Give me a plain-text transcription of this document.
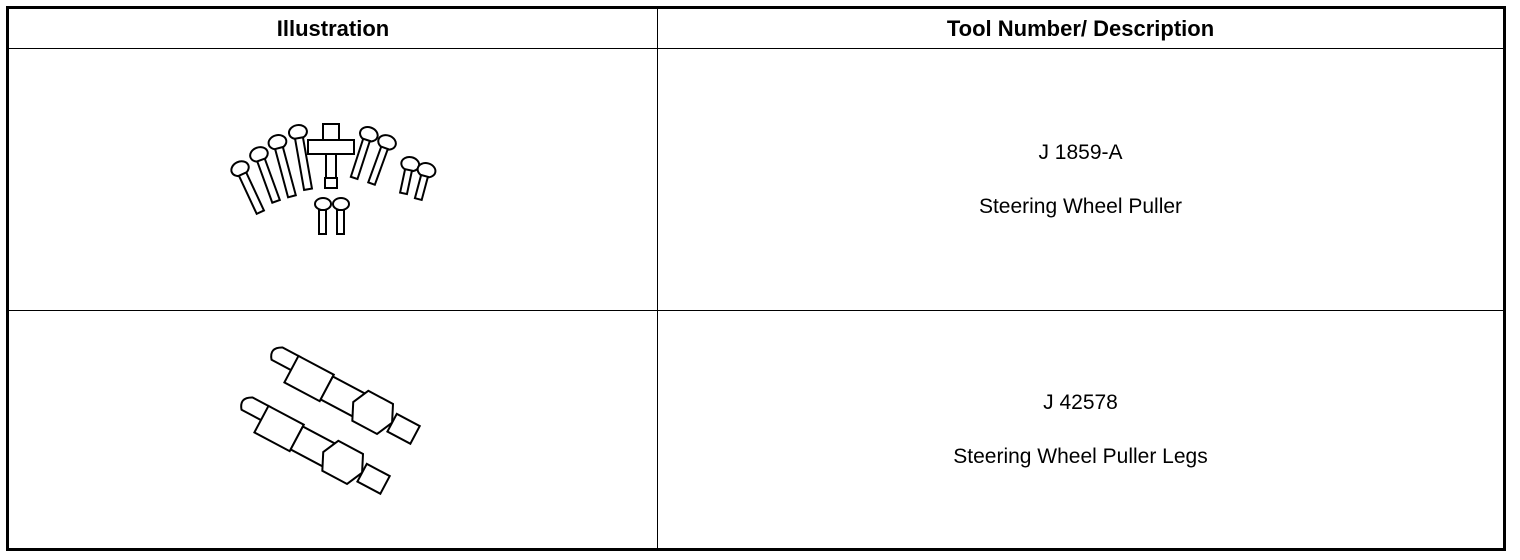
Illustration	Tool Number/ Description
J 1859-A
Steering Wheel Puller
J 42578
Steering Wheel Puller Legs
